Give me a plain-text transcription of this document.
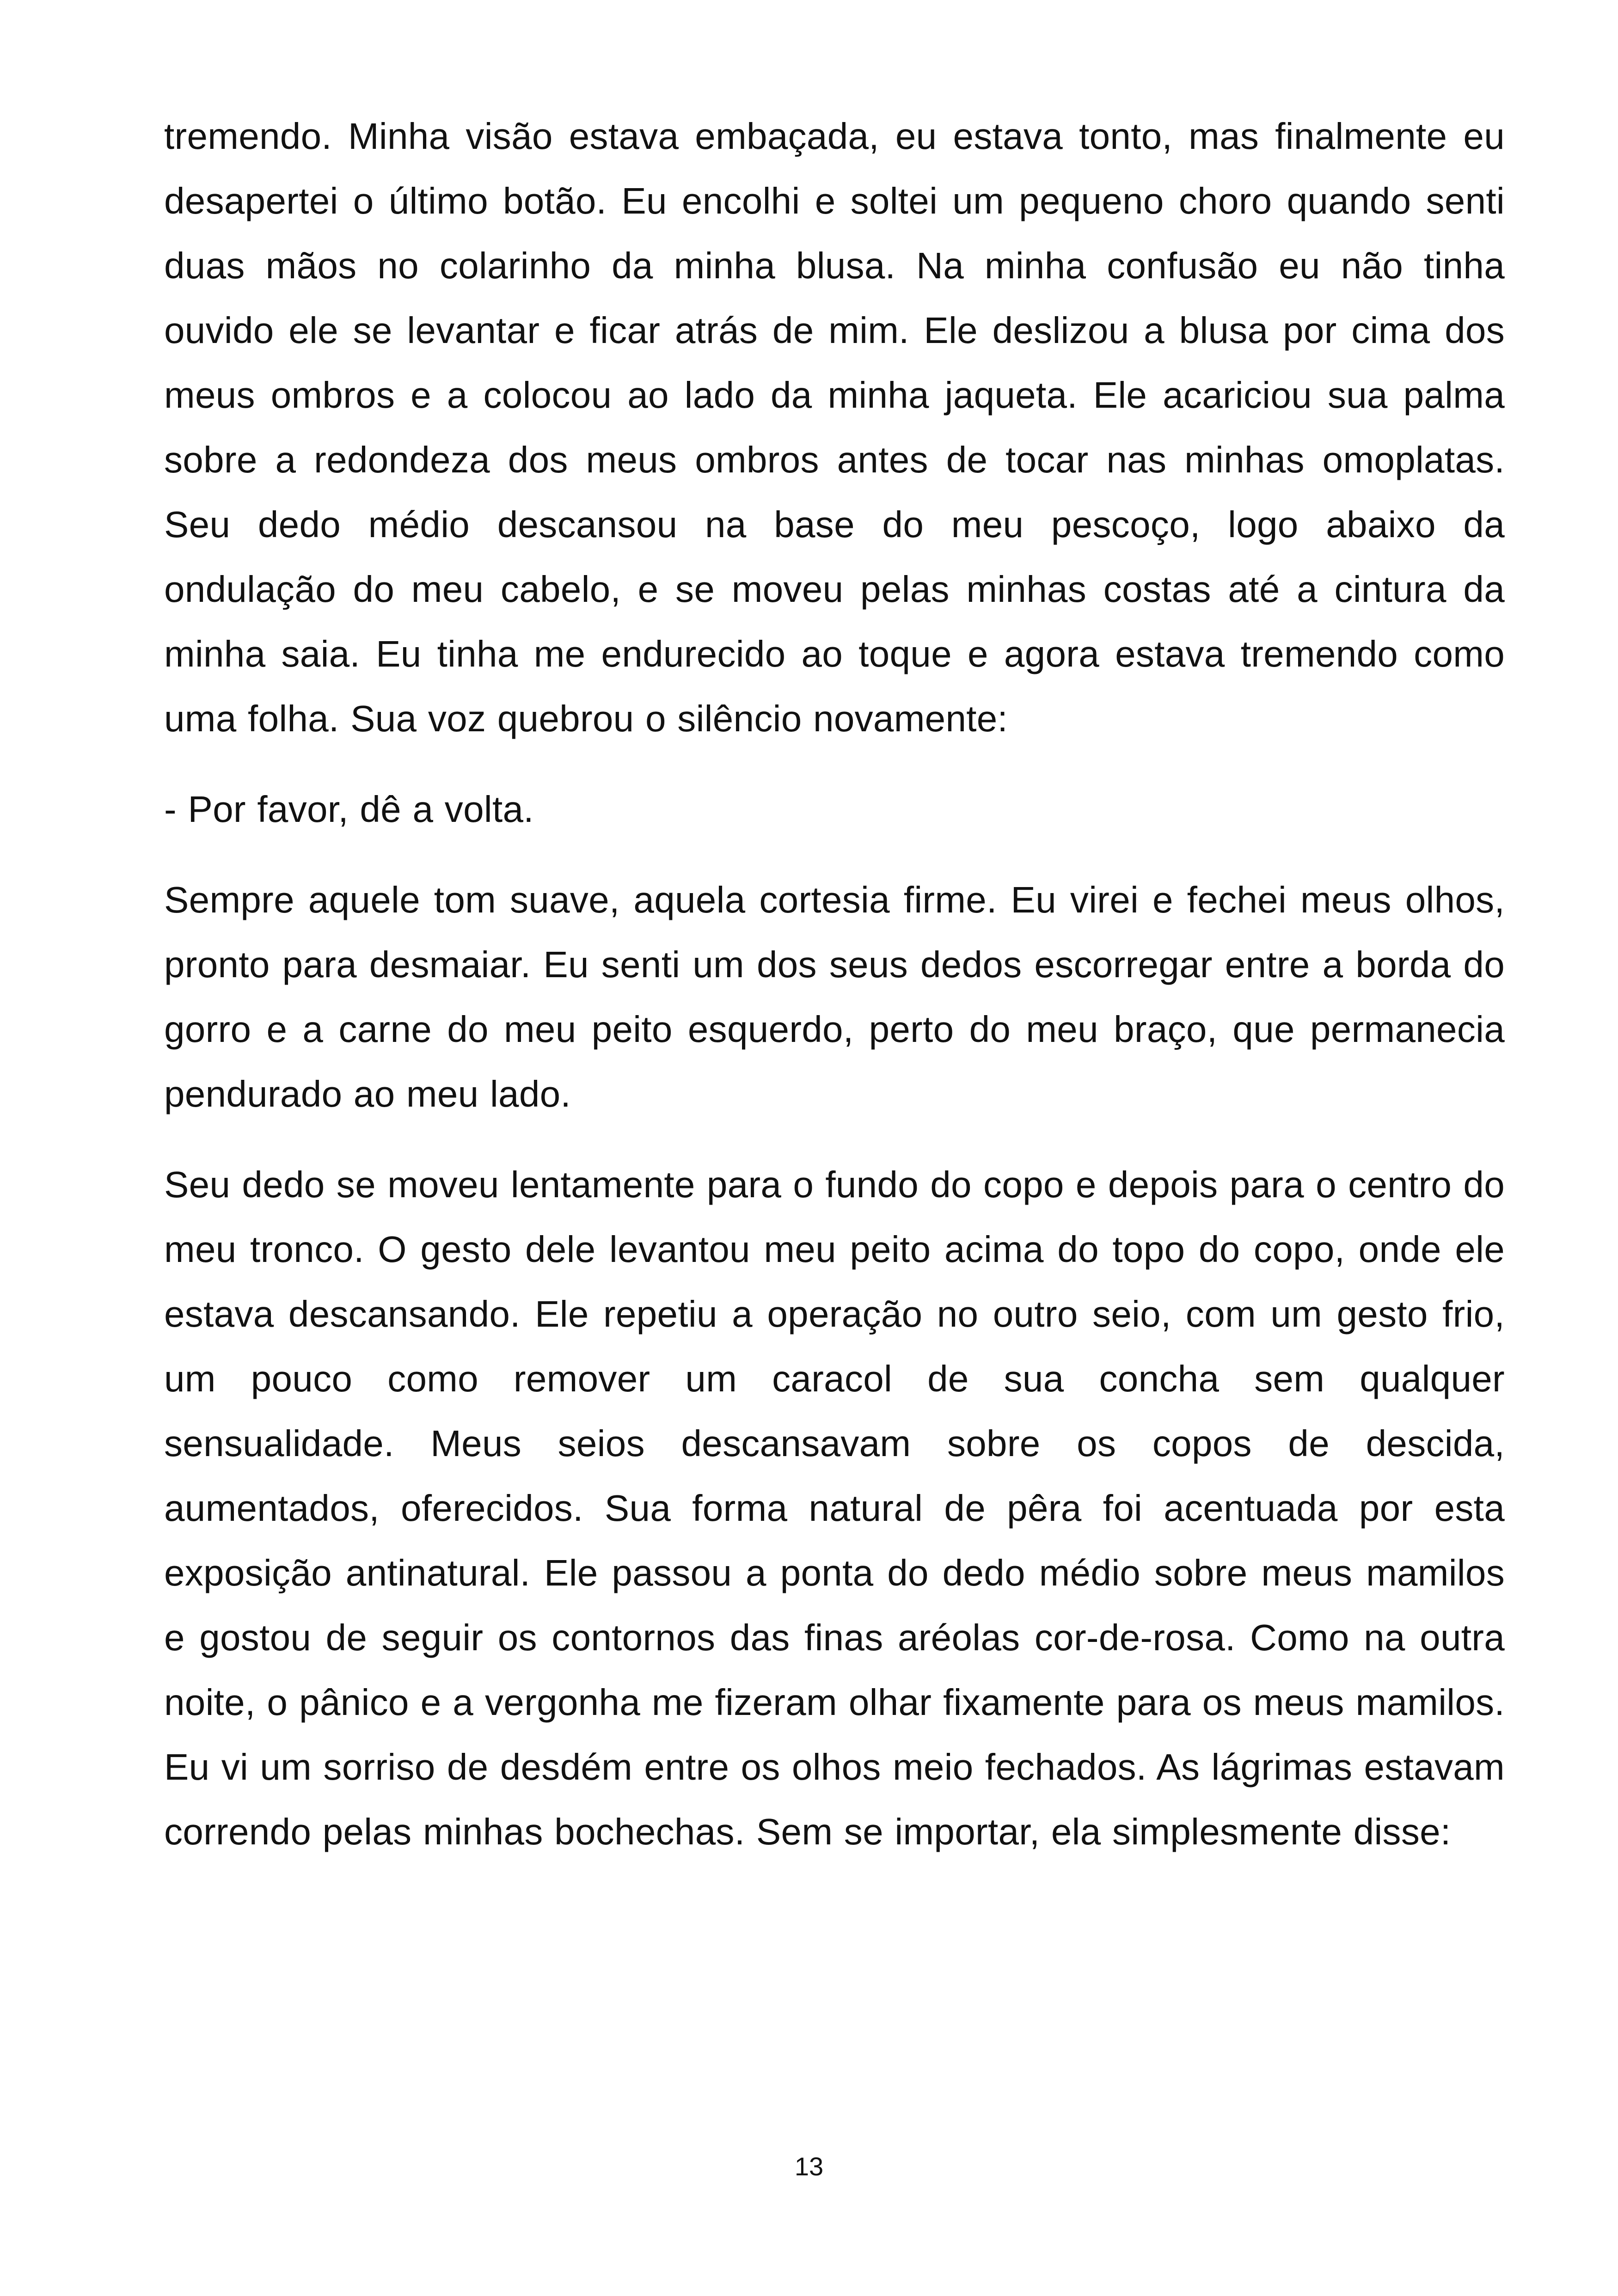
tremendo. Minha visão estava embaçada, eu estava tonto, mas finalmente eu desapertei o último botão. Eu encolhi e soltei um pequeno choro quando senti duas mãos no colarinho da minha blusa. Na minha confusão eu não tinha ouvido ele se levantar e ficar atrás de mim. Ele deslizou a blusa por cima dos meus ombros e a colocou ao lado da minha jaqueta. Ele acariciou sua palma sobre a redondeza dos meus ombros antes de tocar nas minhas omoplatas. Seu dedo médio descansou na base do meu pescoço, logo abaixo da ondulação do meu cabelo, e se moveu pelas minhas costas até a cintura da minha saia. Eu tinha me endurecido ao toque e agora estava tremendo como uma folha. Sua voz quebrou o silêncio novamente:

- Por favor, dê a volta.

Sempre aquele tom suave, aquela cortesia firme. Eu virei e fechei meus olhos, pronto para desmaiar. Eu senti um dos seus dedos escorregar entre a borda do gorro e a carne do meu peito esquerdo, perto do meu braço, que permanecia pendurado ao meu lado.

Seu dedo se moveu lentamente para o fundo do copo e depois para o centro do meu tronco. O gesto dele levantou meu peito acima do topo do copo, onde ele estava descansando. Ele repetiu a operação no outro seio, com um gesto frio, um pouco como remover um caracol de sua concha sem qualquer sensualidade. Meus seios descansavam sobre os copos de descida, aumentados, oferecidos. Sua forma natural de pêra foi acentuada por esta exposição antinatural. Ele passou a ponta do dedo médio sobre meus mamilos e gostou de seguir os contornos das finas aréolas cor-de-rosa. Como na outra noite, o pânico e a vergonha me fizeram olhar fixamente para os meus mamilos. Eu vi um sorriso de desdém entre os olhos meio fechados. As lágrimas estavam correndo pelas minhas bochechas. Sem se importar, ela simplesmente disse:

13
